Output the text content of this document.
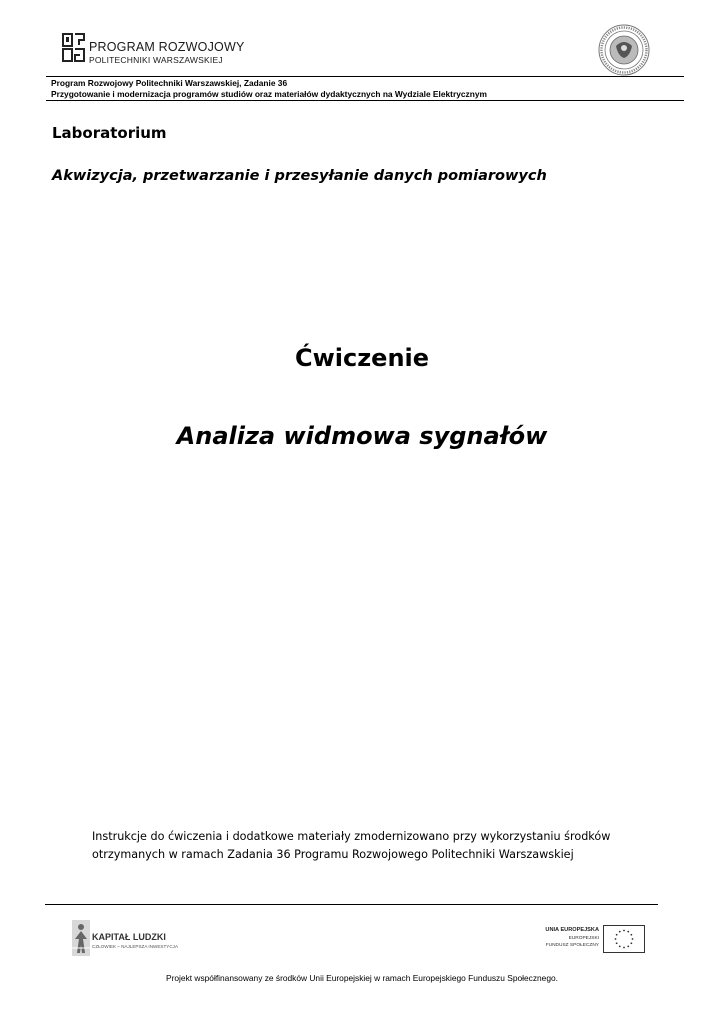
PROGRAM ROZWOJOWY
POLITECHNIKI WARSZAWSKIEJ
Program Rozwojowy Politechniki Warszawskiej, Zadanie 36
Przygotowanie i modernizacja programów studiów oraz materiałów dydaktycznych na Wydziale Elektrycznym
Laboratorium
Akwizycja, przetwarzanie i przesyłanie danych pomiarowych
Ćwiczenie
Analiza widmowa sygnałów
Instrukcje do ćwiczenia i dodatkowe materiały zmodernizowano przy wykorzystaniu środków
otrzymanych w ramach Zadania 36 Programu Rozwojowego Politechniki Warszawskiej
KAPITAŁ LUDZKI
CZŁOWIEK – NAJLEPSZA INWESTYCJA
UNIA EUROPEJSKA
EUROPEJSKI
FUNDUSZ SPOŁECZNY
Projekt współfinansowany ze środków Unii Europejskiej w ramach Europejskiego Funduszu Społecznego.
